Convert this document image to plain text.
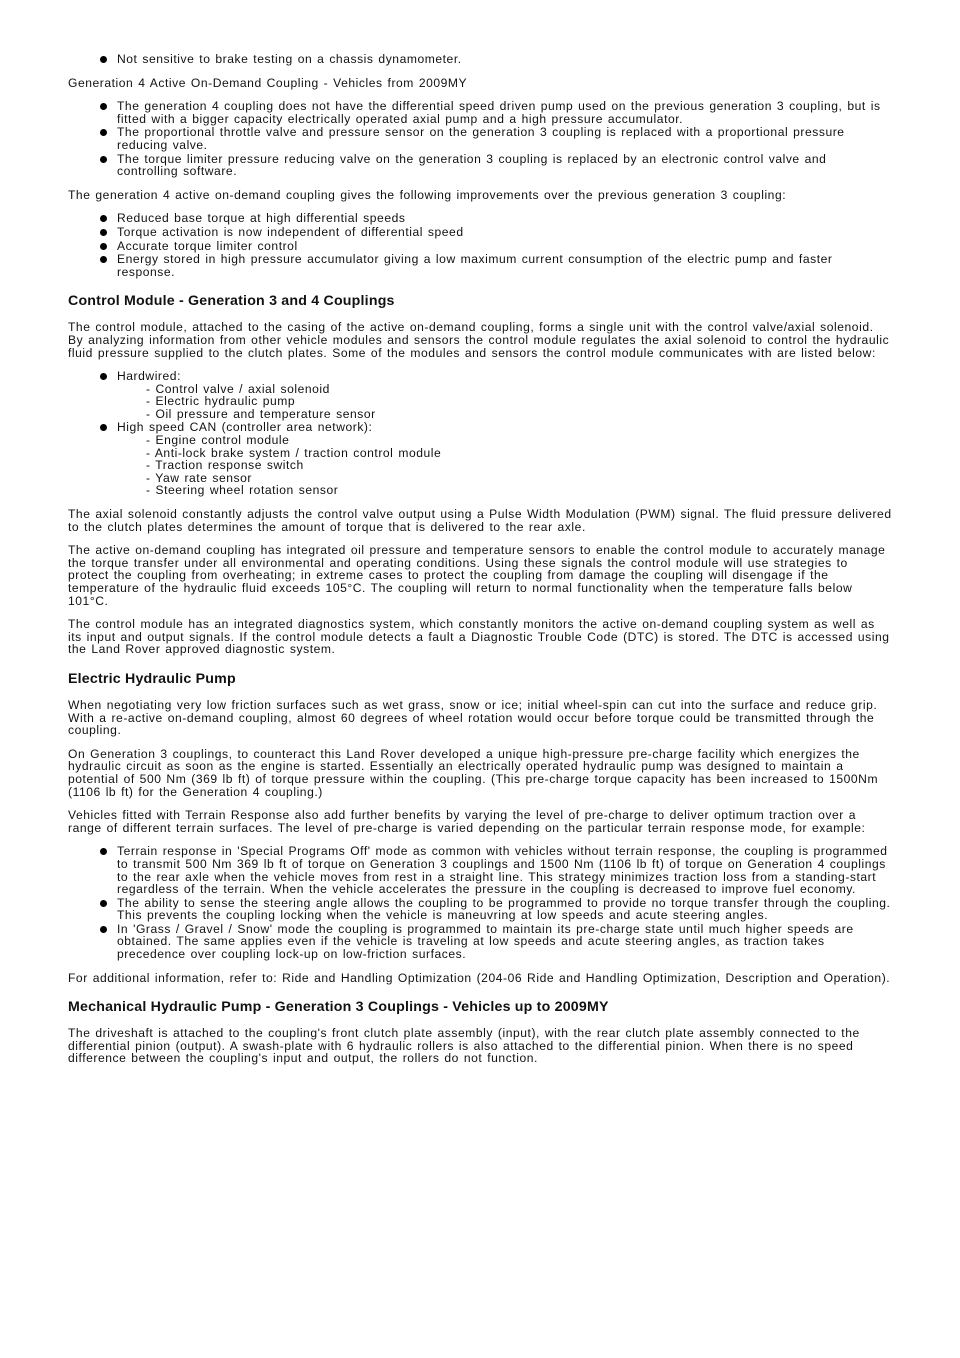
Not sensitive to brake testing on a chassis dynamometer.

Generation 4 Active On-Demand Coupling - Vehicles from 2009MY

The generation 4 coupling does not have the differential speed driven pump used on the previous generation 3 coupling, but is fitted with a bigger capacity electrically operated axial pump and a high pressure accumulator.
The proportional throttle valve and pressure sensor on the generation 3 coupling is replaced with a proportional pressure reducing valve.
The torque limiter pressure reducing valve on the generation 3 coupling is replaced by an electronic control valve and controlling software.

The generation 4 active on-demand coupling gives the following improvements over the previous generation 3 coupling:

Reduced base torque at high differential speeds
Torque activation is now independent of differential speed
Accurate torque limiter control
Energy stored in high pressure accumulator giving a low maximum current consumption of the electric pump and faster response.
Control Module - Generation 3 and 4 Couplings

The control module, attached to the casing of the active on-demand coupling, forms a single unit with the control valve/axial solenoid. By analyzing information from other vehicle modules and sensors the control module regulates the axial solenoid to control the hydraulic fluid pressure supplied to the clutch plates. Some of the modules and sensors the control module communicates with are listed below:

Hardwired:
- Control valve / axial solenoid
- Electric hydraulic pump
- Oil pressure and temperature sensor
High speed CAN (controller area network):
- Engine control module
- Anti-lock brake system / traction control module
- Traction response switch
- Yaw rate sensor
- Steering wheel rotation sensor

The axial solenoid constantly adjusts the control valve output using a Pulse Width Modulation (PWM) signal. The fluid pressure delivered to the clutch plates determines the amount of torque that is delivered to the rear axle.

The active on-demand coupling has integrated oil pressure and temperature sensors to enable the control module to accurately manage the torque transfer under all environmental and operating conditions. Using these signals the control module will use strategies to protect the coupling from overheating; in extreme cases to protect the coupling from damage the coupling will disengage if the temperature of the hydraulic fluid exceeds 105°C. The coupling will return to normal functionality when the temperature falls below 101°C.

The control module has an integrated diagnostics system, which constantly monitors the active on-demand coupling system as well as its input and output signals. If the control module detects a fault a Diagnostic Trouble Code (DTC) is stored. The DTC is accessed using the Land Rover approved diagnostic system.

Electric Hydraulic Pump

When negotiating very low friction surfaces such as wet grass, snow or ice; initial wheel-spin can cut into the surface and reduce grip. With a re-active on-demand coupling, almost 60 degrees of wheel rotation would occur before torque could be transmitted through the coupling.

On Generation 3 couplings, to counteract this Land Rover developed a unique high-pressure pre-charge facility which energizes the hydraulic circuit as soon as the engine is started. Essentially an electrically operated hydraulic pump was designed to maintain a potential of 500 Nm (369 lb ft) of torque pressure within the coupling. (This pre-charge torque capacity has been increased to 1500Nm (1106 lb ft) for the Generation 4 coupling.)

Vehicles fitted with Terrain Response also add further benefits by varying the level of pre-charge to deliver optimum traction over a range of different terrain surfaces. The level of pre-charge is varied depending on the particular terrain response mode, for example:

Terrain response in 'Special Programs Off' mode as common with vehicles without terrain response, the coupling is programmed to transmit 500 Nm 369 lb ft of torque on Generation 3 couplings and 1500 Nm (1106 lb ft) of torque on Generation 4 couplings to the rear axle when the vehicle moves from rest in a straight line. This strategy minimizes traction loss from a standing-start regardless of the terrain. When the vehicle accelerates the pressure in the coupling is decreased to improve fuel economy.
The ability to sense the steering angle allows the coupling to be programmed to provide no torque transfer through the coupling. This prevents the coupling locking when the vehicle is maneuvring at low speeds and acute steering angles.
In 'Grass / Gravel / Snow' mode the coupling is programmed to maintain its pre-charge state until much higher speeds are obtained. The same applies even if the vehicle is traveling at low speeds and acute steering angles, as traction takes precedence over coupling lock-up on low-friction surfaces.

For additional information, refer to: Ride and Handling Optimization (204-06 Ride and Handling Optimization, Description and Operation).

Mechanical Hydraulic Pump - Generation 3 Couplings - Vehicles up to 2009MY

The driveshaft is attached to the coupling's front clutch plate assembly (input), with the rear clutch plate assembly connected to the differential pinion (output). A swash-plate with 6 hydraulic rollers is also attached to the differential pinion. When there is no speed difference between the coupling's input and output, the rollers do not function.
